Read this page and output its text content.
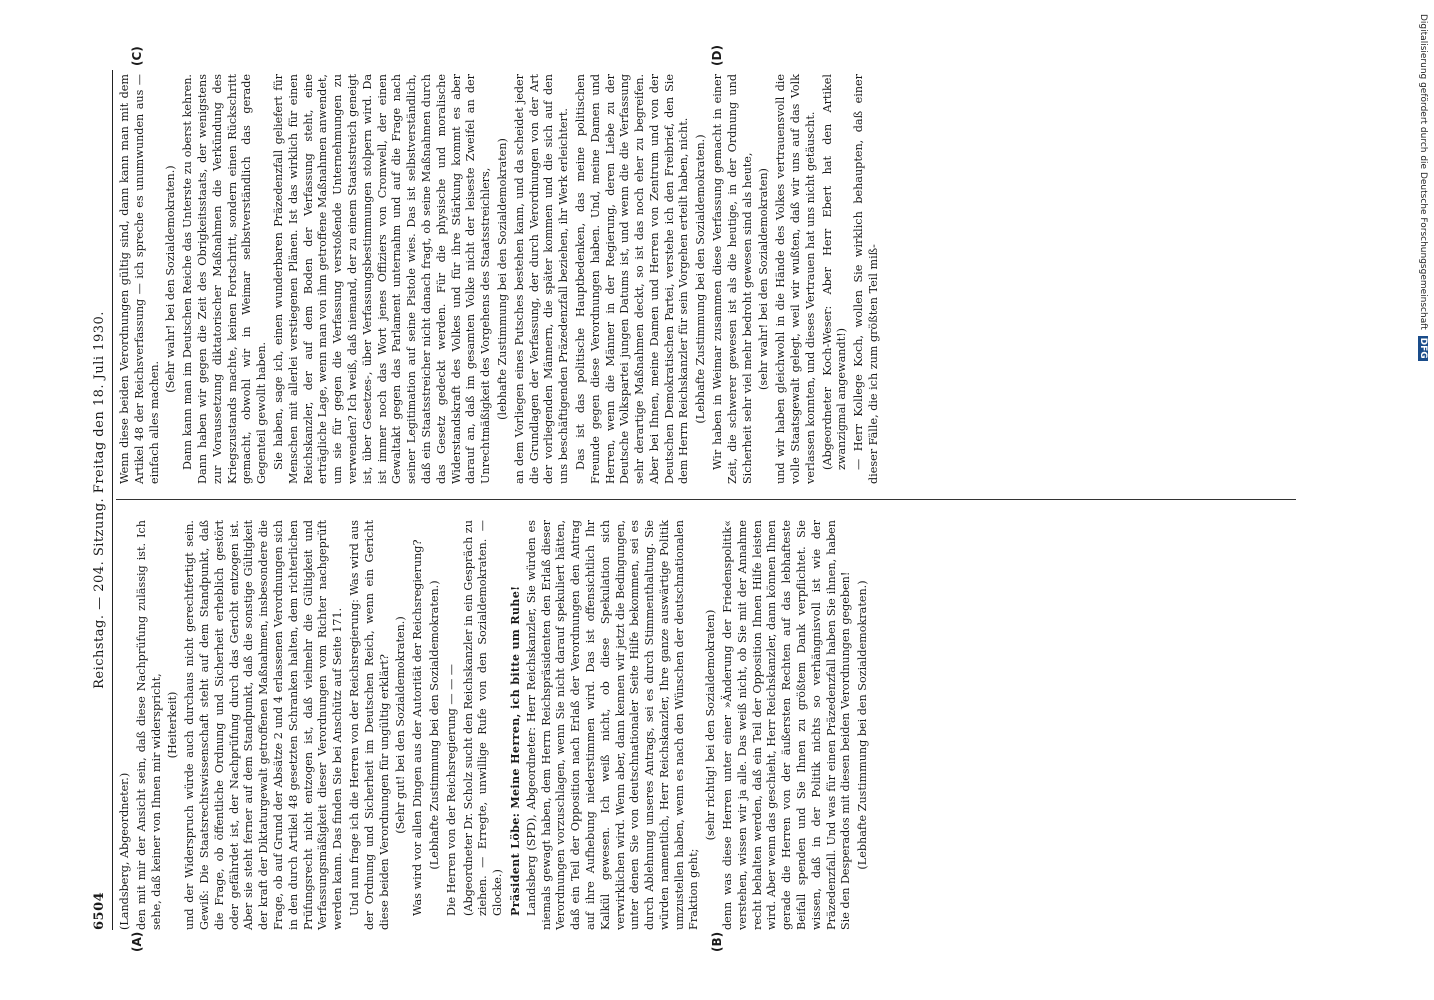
6504
Reichstag. — 204. Sitzung. Freitag den 18. Juli 1930.
(A)	(B)
(C)	(D)

(Landsberg, Abgeordneter.) den mit mir der Ansicht sein, daß diese Nachprüfung zulässig ist. Ich sehe, daß keiner von Ihnen mir widerspricht, (Heiterkeit) und der Widerspruch würde auch durchaus nicht gerechtfertigt sein. Gewiß: Die Staatsrechtswissenschaft steht auf dem Standpunkt, daß die Frage, ob öffentliche Ordnung und Sicherheit erheblich gestört oder gefährdet ist, der Nachprüfung durch das Gericht entzogen ist. Aber sie steht ferner auf dem Standpunkt, daß die sonstige Gültigkeit der kraft der Diktaturgewalt getroffenen Maßnahmen, insbesondere die Frage, ob auf Grund der Absätze 2 und 4 erlassenen Verordnungen sich in den durch Artikel 48 gesetzten Schranken halten, dem richterlichen Prüfungsrecht nicht entzogen ist, daß vielmehr die Gültigkeit und Verfassungsmäßigkeit dieser Verordnungen vom Richter nachgeprüft werden kann. Das finden Sie bei Anschütz auf Seite 171. Und nun frage ich die Herren von der Reichsregierung: Was wird aus der Ordnung und Sicherheit im Deutschen Reich, wenn ein Gericht diese beiden Verordnungen für ungültig erklärt? (Sehr gut! bei den Sozialdemokraten.) Was wird vor allen Dingen aus der Autorität der Reichsregierung? (Lebhafte Zustimmung bei den Sozialdemokraten.) Die Herren von der Reichsregierung — — — (Abgeordneter Dr. Scholz sucht den Reichskanzler in ein Gespräch zu ziehen. — Erregte, unwillige Rufe von den Sozialdemokraten. — Glocke.) Präsident Löbe: Meine Herren, ich bitte um Ruhe! Landsberg (SPD), Abgeordneter: Herr Reichskanzler, Sie würden es niemals gewagt haben, dem Herrn Reichspräsidenten den Erlaß dieser Verordnungen vorzuschlagen, wenn Sie nicht darauf spekuliert hätten, daß ein Teil der Opposition nach Erlaß der Verordnungen den Antrag auf ihre Aufhebung niederstimmen wird. Das ist offensichtlich Ihr Kalkül gewesen. Ich weiß nicht, ob diese Spekulation sich verwirklichen wird. Wenn aber, dann kennen wir jetzt die Bedingungen, unter denen Sie von deutschnationaler Seite Hilfe bekommen, sei es durch Ablehnung unseres Antrags, sei es durch Stimmenthaltung. Sie würden namentlich, Herr Reichskanzler, Ihre ganze auswärtige Politik umzustellen haben, wenn es nach den Wünschen der deutschnationalen Fraktion geht;

(sehr richtig! bei den Sozialdemokraten) denn was diese Herren unter einer »Änderung der Friedenspolitik« verstehen, wissen wir ja alle. Das weiß nicht, ob Sie mit der Annahme recht behalten werden, daß ein Teil der Opposition Ihnen Hilfe leisten wird. Aber wenn das geschieht, Herr Reichskanzler, dann können Ihnen gerade die Herren von der äußersten Rechten auf das lebhafteste Beifall spenden und Sie Ihnen zu größtem Dank verpflichtet. Sie wissen, daß in der Politik nichts so verhängnisvoll ist wie der Präzedenzfall. Und was für einen Präzedenzfall haben Sie ihnen, haben Sie den Desperados mit diesen beiden Verordnungen gegeben! (Lebhafte Zustimmung bei den Sozialdemokraten.)

Wenn diese beiden Verordnungen gültig sind, dann kann man mit dem Artikel 48 der Reichsverfassung — ich spreche es unumwunden aus — einfach alles machen.

(Sehr wahr! bei den Sozialdemokraten.) Dann kann man im Deutschen Reiche das Unterste zu oberst kehren. Dann haben wir gegen die Zeit des Obrigkeitsstaats, der wenigstens zur Voraussetzung diktatorischer Maßnahmen die Verkündung des Kriegszustands machte, keinen Fortschritt, sondern einen Rückschritt gemacht, obwohl wir in Weimar selbstverständlich das gerade Gegenteil gewollt haben. Sie haben, sage ich, einen wunderbaren Präzedenzfall geliefert für Menschen mit allerlei verstiegenen Plänen. Ist das wirklich für einen Reichskanzler, der auf dem Boden der Verfassung steht, eine erträgliche Lage, wenn man von ihm getroffene Maßnahmen anwendet, um sie für gegen die Verfassung verstoßende Unternehmungen zu verwenden? Ich weiß, daß niemand, der zu einem Staatsstreich geneigt ist, über Gesetzes-, über Verfassungsbestimmungen stolpern wird. Da ist immer noch das Wort jenes Offiziers von Cromwell, der einen Gewaltakt gegen das Parlament unternahm und auf die Frage nach seiner Legitimation auf seine Pistole wies. Das ist selbstverständlich, daß ein Staatsstreicher nicht danach fragt, ob seine Maßnahmen durch das Gesetz gedeckt werden. Für die physische und moralische Widerstandskraft des Volkes und für ihre Stärkung kommt es aber darauf an, daß im gesamten Volke nicht der leiseste Zweifel an der Unrechtmäßigkeit des Vorgehens des Staatsstreichlers, (lebhafte Zustimmung bei den Sozialdemokraten) an dem Vorliegen eines Putsches bestehen kann, und da scheidet jeder die Grundlagen der Verfassung, der durch Verordnungen von der Art der vorliegenden Männern, die später kommen und die sich auf den uns beschäftigenden Präzedenzfall beziehen, ihr Werk erleichtert. Das ist das politische Hauptbedenken, das meine politischen Freunde gegen diese Verordnungen haben. Und, meine Damen und Herren, wenn die Männer in der Regierung, deren Liebe zu der Deutsche Volkspartei jungen Datums ist, und wenn die die Verfassung sehr derartige Maßnahmen deckt, so ist das noch eher zu begreifen. Aber bei Ihnen, meine Damen und Herren von Zentrum und von der Deutschen Demokratischen Partei, verstehe ich den Freibrief, den Sie dem Herrn Reichskanzler für sein Vorgehen erteilt haben, nicht. (Lebhafte Zustimmung bei den Sozialdemokraten.) Wir haben in Weimar zusammen diese Verfassung gemacht in einer Zeit, die schwerer gewesen ist als die heutige, in der Ordnung und Sicherheit sehr viel mehr bedroht gewesen sind als heute, (sehr wahr! bei den Sozialdemokraten) und wir haben gleichwohl in die Hände des Volkes vertrauensvoll die volle Staatsgewalt gelegt, weil wir wußten, daß wir uns auf das Volk verlassen konnten, und dieses Vertrauen hat uns nicht getäuscht. (Abgeordneter Koch-Weser: Aber Herr Ebert hat den Artikel zwanzigmal angewandt!) — Herr Kollege Koch, wollen Sie wirklich behaupten, daß einer dieser Fälle, die ich zum größten Teil miß-

Digitalisierung gefördert durch die Deutsche Forschungsgemeinschaft DFG
